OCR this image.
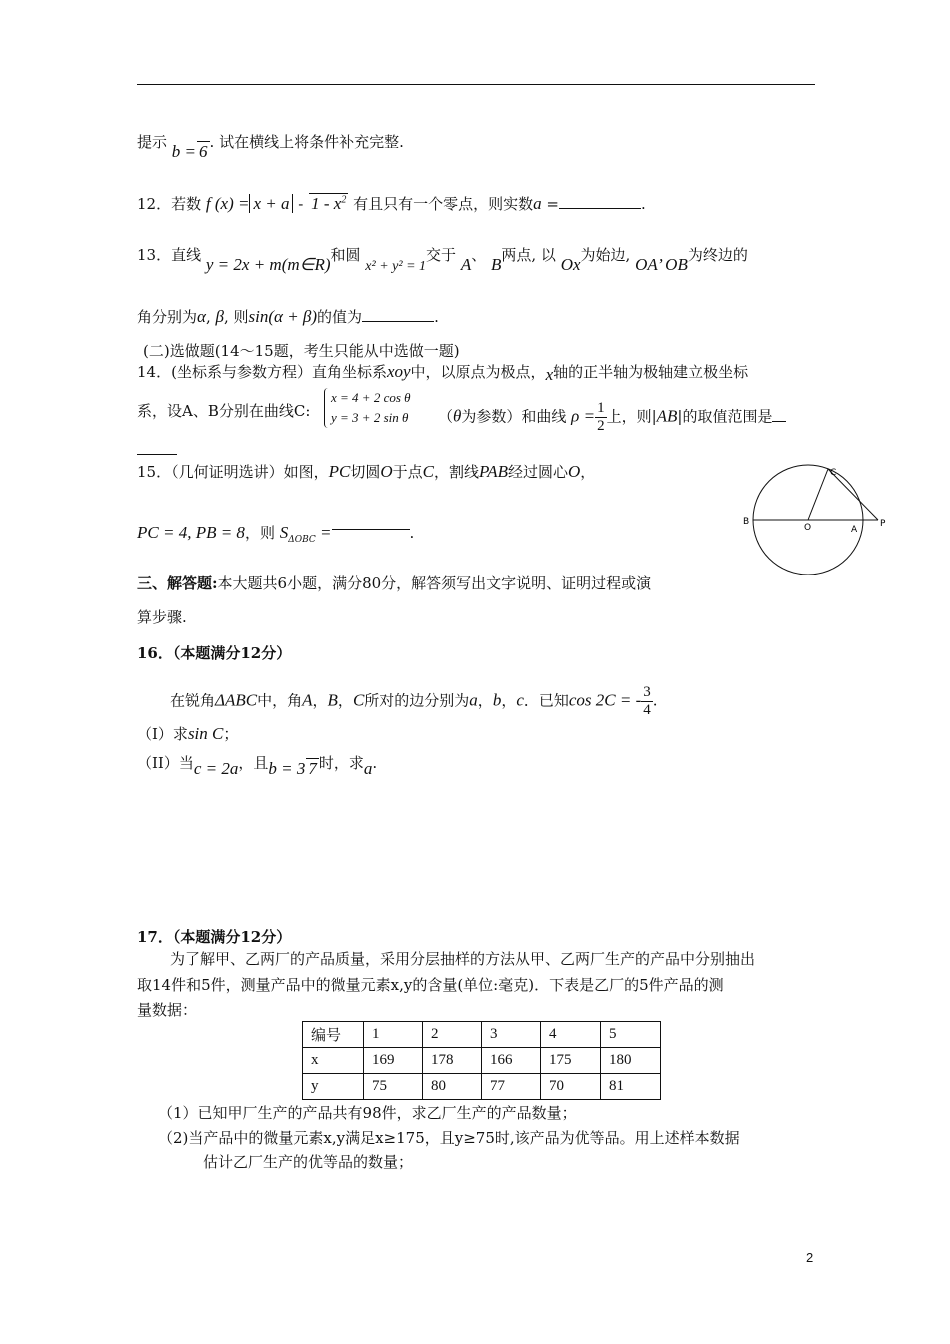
提示 b = 6 . 试在横线上将条件补充完整.
12．若数 f $(x) = x + a - 1 - x^2$ 有且只有一个零点，则实数a =	.
13．直线 y = 2x + m(m∈R)和圆 x² + y² = 1交于 A、 B两点, 以 Ox为始边, OA’ OB为终边的
角分别为α, β, 则sin(α + β)的值为	.
(二)选做题(14～15题，考生只能从中选做一题)
14．(坐标系与参数方程）直角坐标系xoy中，以原点为极点，x轴的正半轴为极轴建立极坐标
系，设A、B分别在曲线C:
x = 4 + 2 cos θ
y = 3 + 2 sin θ （θ为参数）和曲线 $\rho = \frac{1}{2}$ 上，则|AB|的取值范围是
15．（几何证明选讲）如图，PC切圆O于点C，割线PAB经过圆心O，
PC = 4, PB = 8，则 $S_{\Delta OBC}$ =	.
C
B
O	A
P
三、解答题:本大题共6小题，满分80分，解答须写出文字说明、证明过程或演
算步骤.
16．（本题满分12分）
在锐角ΔABC中，角A，B，C所对的边分别为a，b，c．已知cos 2C = - $\frac{3}{4}$ .
（I）求sin C；
（II）当c = 2a，且b = 3 7 时，求a.
17．（本题满分12分）
为了解甲、乙两厂的产品质量，采用分层抽样的方法从甲、乙两厂生产的产品中分别抽出
取14件和5件，测量产品中的微量元素x,y的含量(单位:毫克)．下表是乙厂的5件产品的测
量数据：
编号	1	2	3	4	5
x	169	178	166	175	180
y	75	80	77	70	81
（1）已知甲厂生产的产品共有98件，求乙厂生产的产品数量；
（2)当产品中的微量元素x,y满足x≥175，且y≥75时,该产品为优等品。用上述样本数据
估计乙厂生产的优等品的数量；
2
